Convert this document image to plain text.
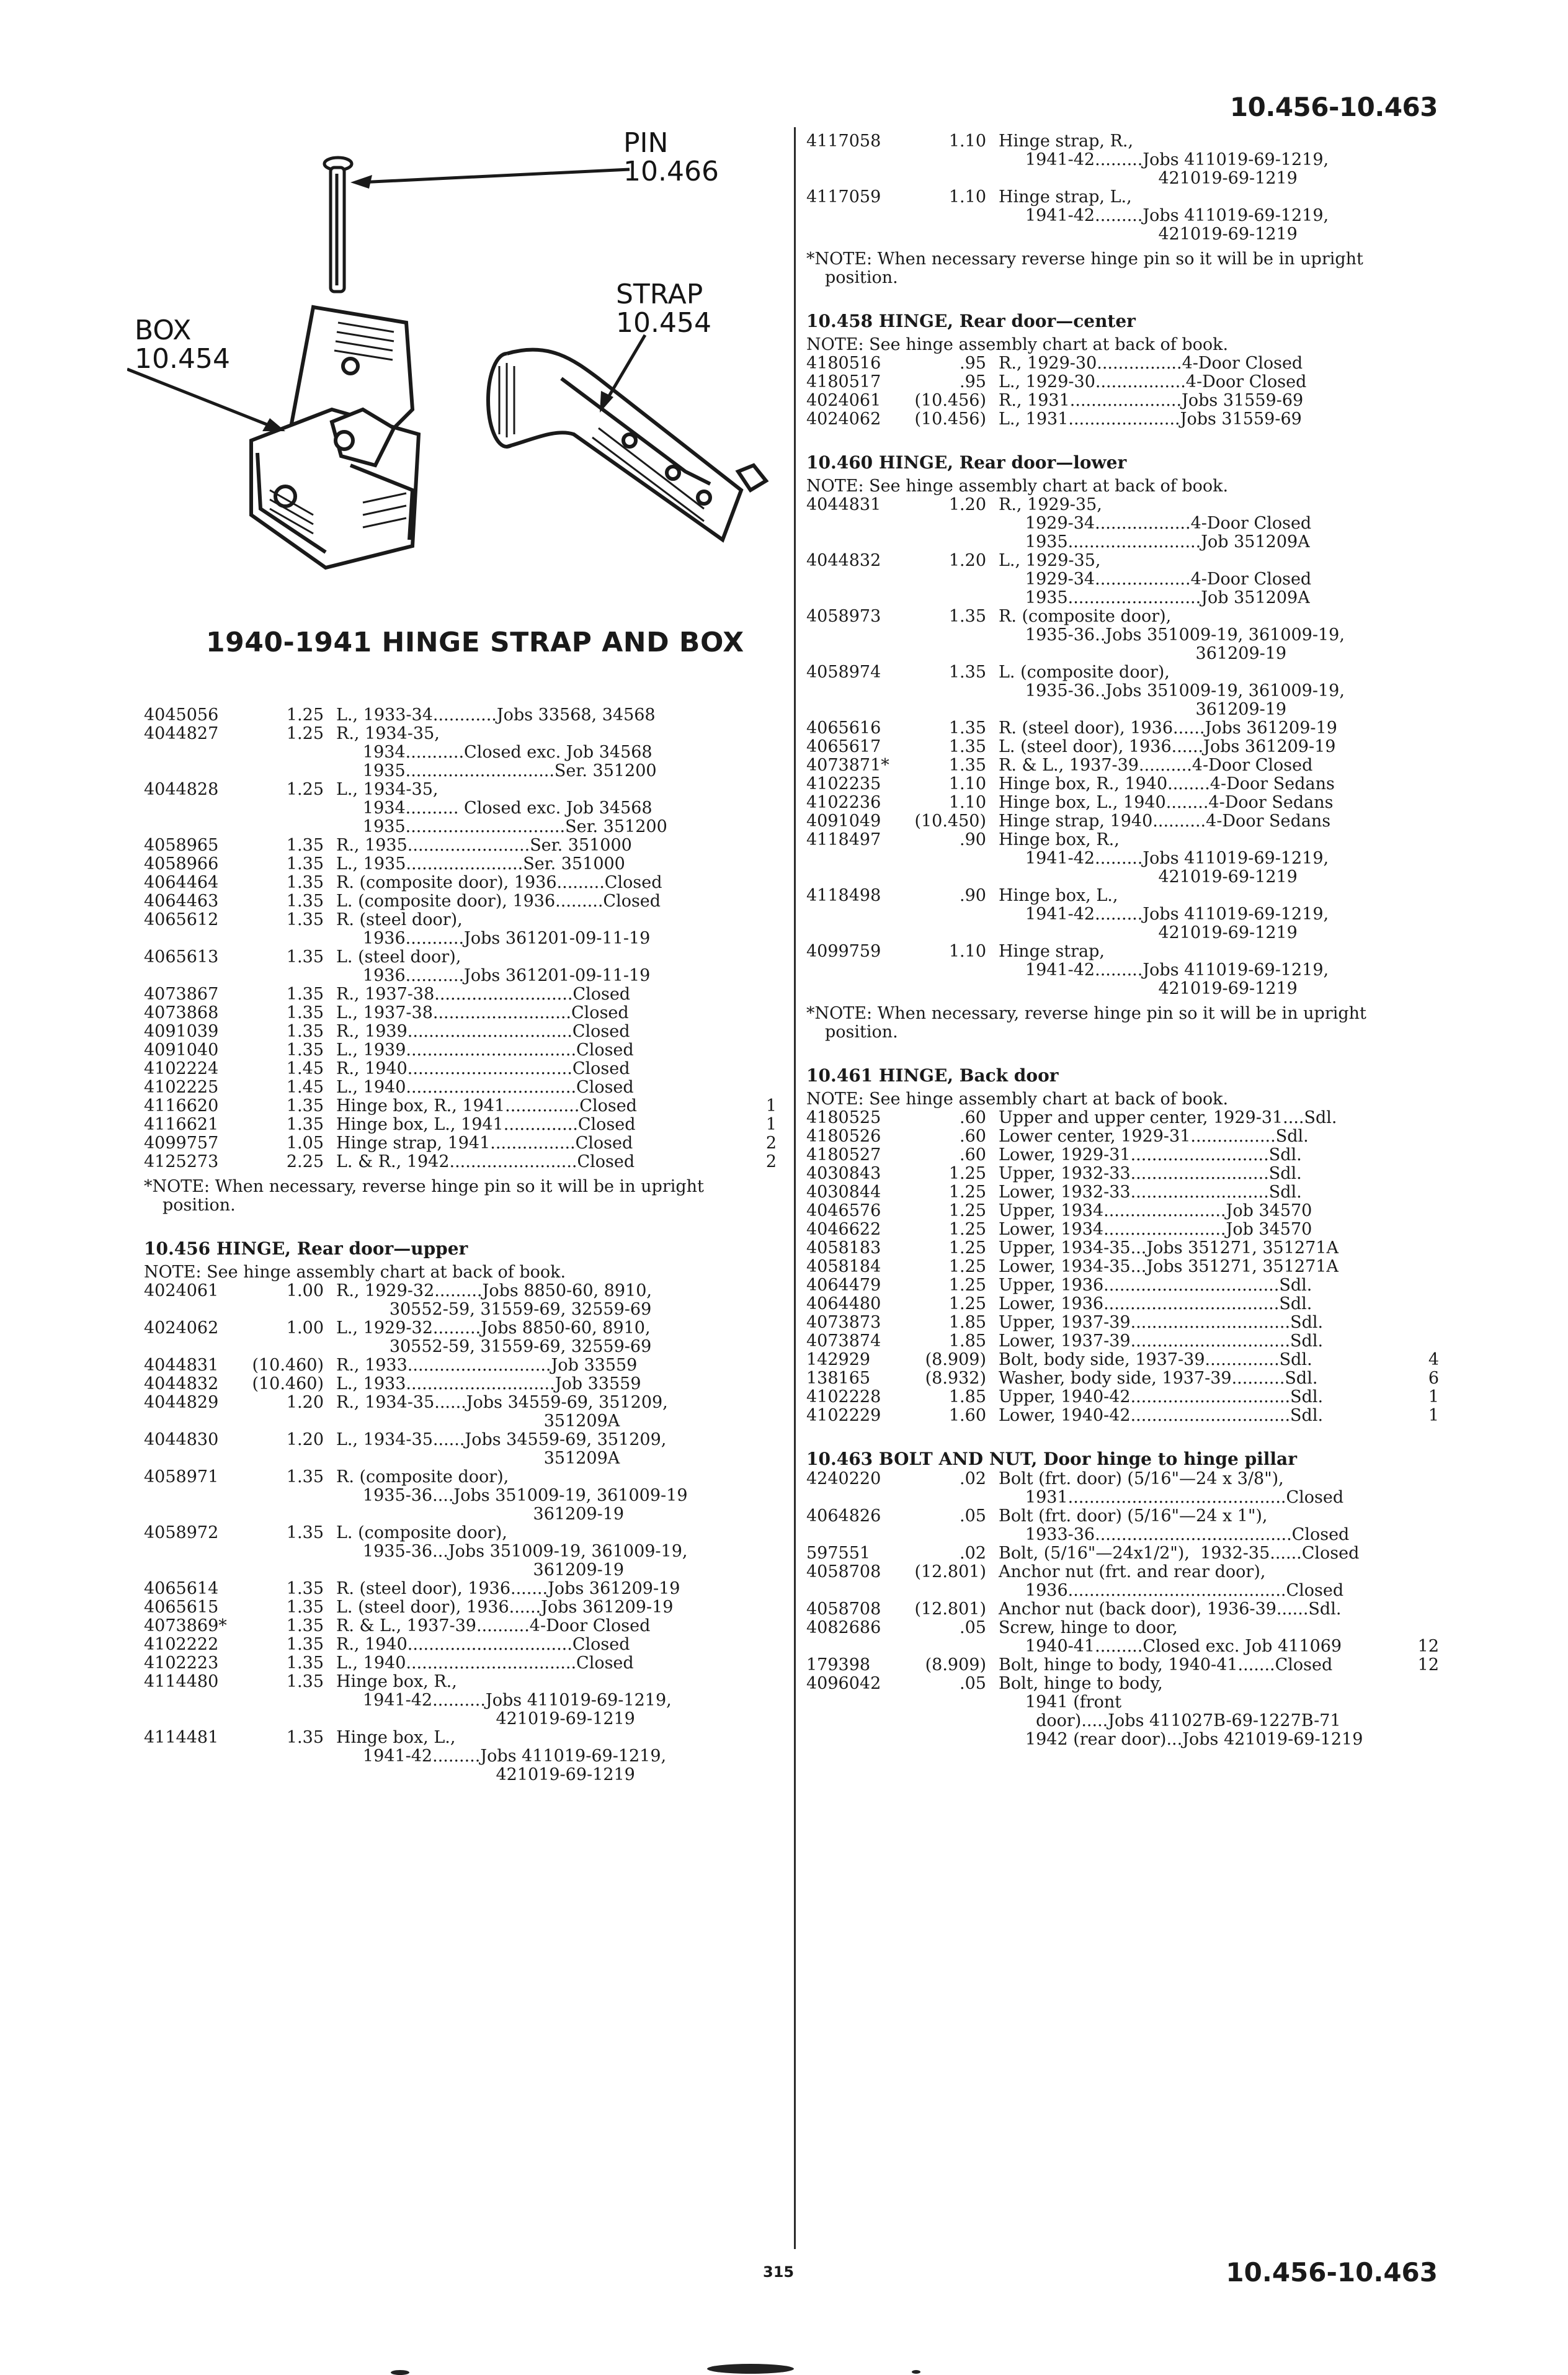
10.456-10.463
10.456-10.463
315
PIN
10.466
STRAP
10.454
BOX
10.454
1940-1941 HINGE STRAP AND BOX
4045056	1.25 L., 1933-34............Jobs 33568, 34568
4044827	1.25 R., 1934-35,
1934...........Closed exc. Job 34568
1935............................Ser. 351200
4044828	1.25 L., 1934-35,
1934.......... Closed exc. Job 34568
1935..............................Ser. 351200
4058965	1.35 R., 1935.......................Ser. 351000
4058966	1.35 L., 1935......................Ser. 351000
4064464	1.35 R. (composite door), 1936.........Closed
4064463	1.35 L. (composite door), 1936.........Closed
4065612	1.35 R. (steel door),
1936...........Jobs 361201-09-11-19
4065613	1.35 L. (steel door),
1936...........Jobs 361201-09-11-19
4073867	1.35 R., 1937-38..........................Closed
4073868	1.35 L., 1937-38..........................Closed
4091039	1.35 R., 1939...............................Closed
4091040	1.35 L., 1939................................Closed
4102224	1.45 R., 1940...............................Closed
4102225	1.45 L., 1940................................Closed
4116620	1.35 Hinge box, R., 1941..............Closed	1
4116621	1.35 Hinge box, L., 1941..............Closed	1
4099757	1.05 Hinge strap, 1941................Closed	2
4125273	2.25 L. & R., 1942........................Closed	2
*NOTE: When necessary, reverse hinge pin so it will be in upright position.
10.456 HINGE, Rear door—upper
NOTE: See hinge assembly chart at back of book.
4024061	1.00 R., 1929-32.........Jobs 8850-60, 8910,
30552-59, 31559-69, 32559-69
4024062	1.00 L., 1929-32.........Jobs 8850-60, 8910,
30552-59, 31559-69, 32559-69
4044831	(10.460) R., 1933...........................Job 33559
4044832	(10.460) L., 1933............................Job 33559
4044829	1.20 R., 1934-35......Jobs 34559-69, 351209,
351209A
4044830	1.20 L., 1934-35......Jobs 34559-69, 351209,
351209A
4058971	1.35 R. (composite door),
1935-36....Jobs 351009-19, 361009-19
361209-19
4058972	1.35 L. (composite door),
1935-36...Jobs 351009-19, 361009-19,
361209-19
4065614	1.35 R. (steel door), 1936.......Jobs 361209-19
4065615	1.35 L. (steel door), 1936......Jobs 361209-19
4073869*	1.35 R. & L., 1937-39..........4-Door Closed
4102222	1.35 R., 1940...............................Closed
4102223	1.35 L., 1940................................Closed
4114480	1.35 Hinge box, R.,
1941-42..........Jobs 411019-69-1219,
421019-69-1219
4114481	1.35 Hinge box, L.,
1941-42.........Jobs 411019-69-1219,
421019-69-1219
4117058	1.10 Hinge strap, R.,
1941-42.........Jobs 411019-69-1219,
421019-69-1219
4117059	1.10 Hinge strap, L.,
1941-42.........Jobs 411019-69-1219,
421019-69-1219
*NOTE: When necessary reverse hinge pin so it will be in upright position.
10.458 HINGE, Rear door—center
NOTE: See hinge assembly chart at back of book.
4180516	.95 R., 1929-30................4-Door Closed
4180517	.95 L., 1929-30.................4-Door Closed
4024061	(10.456) R., 1931.....................Jobs 31559-69
4024062	(10.456) L., 1931.....................Jobs 31559-69
10.460 HINGE, Rear door—lower
NOTE: See hinge assembly chart at back of book.
4044831	1.20 R., 1929-35,
1929-34..................4-Door Closed
1935.........................Job 351209A
4044832	1.20 L., 1929-35,
1929-34..................4-Door Closed
1935.........................Job 351209A
4058973	1.35 R. (composite door),
1935-36..Jobs 351009-19, 361009-19,
361209-19
4058974	1.35 L. (composite door),
1935-36..Jobs 351009-19, 361009-19,
361209-19
4065616	1.35 R. (steel door), 1936......Jobs 361209-19
4065617	1.35 L. (steel door), 1936......Jobs 361209-19
4073871*	1.35 R. & L., 1937-39..........4-Door Closed
4102235	1.10 Hinge box, R., 1940........4-Door Sedans
4102236	1.10 Hinge box, L., 1940........4-Door Sedans
4091049	(10.450) Hinge strap, 1940..........4-Door Sedans
4118497	.90 Hinge box, R.,
1941-42.........Jobs 411019-69-1219,
421019-69-1219
4118498	.90 Hinge box, L.,
1941-42.........Jobs 411019-69-1219,
421019-69-1219
4099759	1.10 Hinge strap,
1941-42.........Jobs 411019-69-1219,
421019-69-1219
*NOTE: When necessary, reverse hinge pin so it will be in upright position.
10.461 HINGE, Back door
NOTE: See hinge assembly chart at back of book.
4180525	.60 Upper and upper center, 1929-31....Sdl.
4180526	.60 Lower center, 1929-31................Sdl.
4180527	.60 Lower, 1929-31..........................Sdl.
4030843	1.25 Upper, 1932-33..........................Sdl.
4030844	1.25 Lower, 1932-33..........................Sdl.
4046576	1.25 Upper, 1934.......................Job 34570
4046622	1.25 Lower, 1934.......................Job 34570
4058183	1.25 Upper, 1934-35...Jobs 351271, 351271A
4058184	1.25 Lower, 1934-35...Jobs 351271, 351271A
4064479	1.25 Upper, 1936.................................Sdl.
4064480	1.25 Lower, 1936.................................Sdl.
4073873	1.85 Upper, 1937-39..............................Sdl.
4073874	1.85 Lower, 1937-39..............................Sdl.
142929	(8.909) Bolt, body side, 1937-39..............Sdl.	4
138165	(8.932) Washer, body side, 1937-39..........Sdl.	6
4102228	1.85 Upper, 1940-42..............................Sdl.	1
4102229	1.60 Lower, 1940-42..............................Sdl.	1
10.463 BOLT AND NUT, Door hinge to hinge pillar
4240220	.02 Bolt (frt. door) (5/16"—24 x 3/8"),
1931.........................................Closed
4064826	.05 Bolt (frt. door) (5/16"—24 x 1"),
1933-36.....................................Closed
597551	.02 Bolt, (5/16"—24x1/2"),  1932-35......Closed
4058708	(12.801) Anchor nut (frt. and rear door),
1936.........................................Closed
4058708	(12.801) Anchor nut (back door), 1936-39......Sdl.
4082686	.05 Screw, hinge to door,
1940-41.........Closed exc. Job 411069	12
179398	(8.909) Bolt, hinge to body, 1940-41.......Closed	12
4096042	.05 Bolt, hinge to body,
1941 (front
door).....Jobs 411027B-69-1227B-71
1942 (rear door)...Jobs 421019-69-1219
